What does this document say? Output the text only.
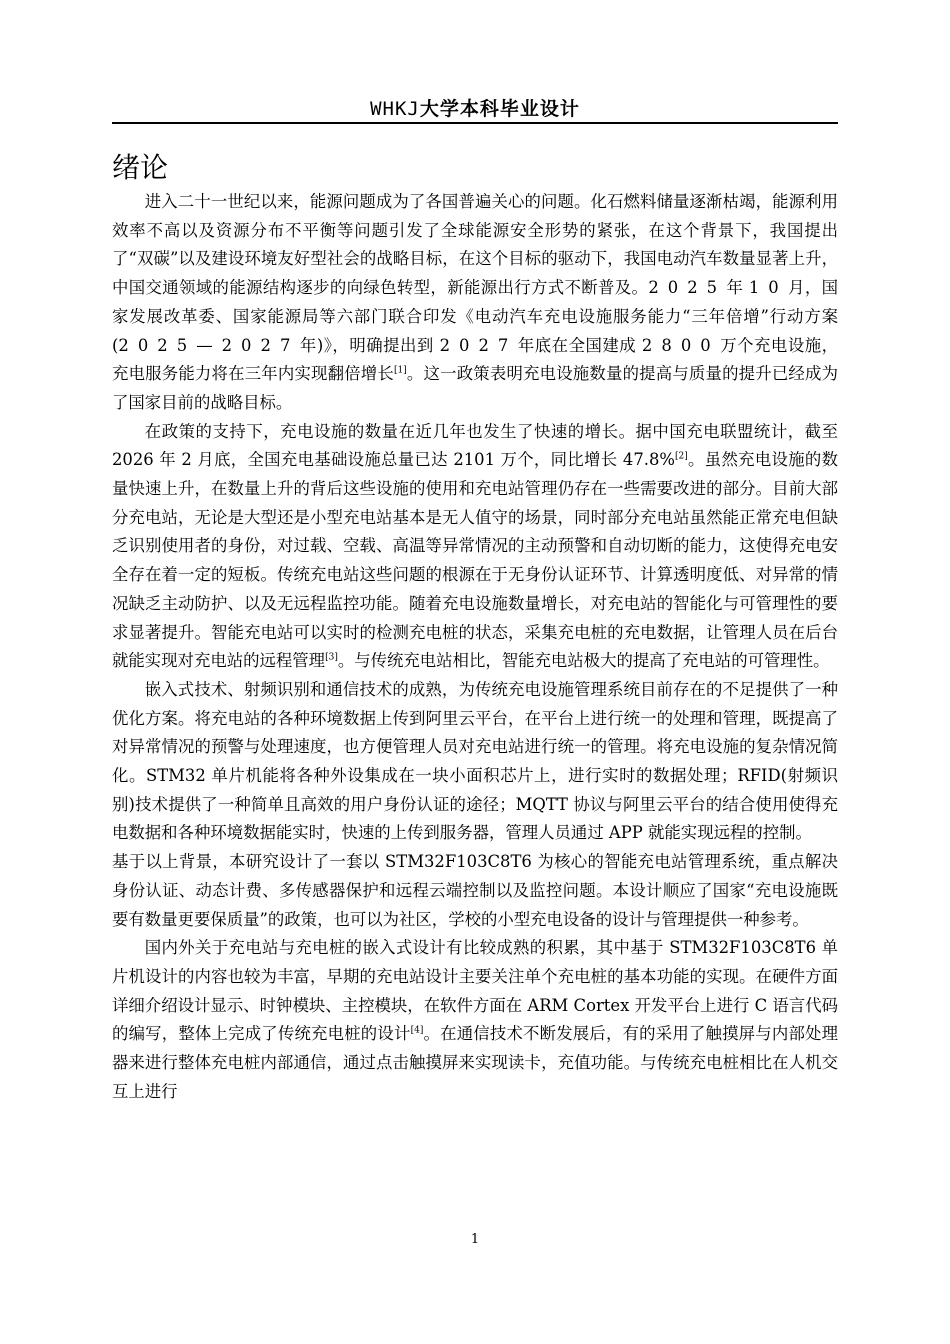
WHKJ大学本科毕业设计
绪论

进入二十一世纪以来，能源问题成为了各国普遍关心的问题。化石燃料储量逐渐枯竭，能源利用效率不高以及资源分布不平衡等问题引发了全球能源安全形势的紧张，在这个背景下，我国提出了“双碳”以及建设环境友好型社会的战略目标，在这个目标的驱动下，我国电动汽车数量显著上升，中国交通领域的能源结构逐步的向绿色转型，新能源出行方式不断普及。2025年 10月，国家发展改革委、国家能源局等六部门联合印发《电动汽车充电设施服务能力“三年倍增”行动方案(2025—2027年)》，明确提出到 2027年底在全国建成 2800万个充电设施，充电服务能力将在三年内实现翻倍增长[1]。这一政策表明充电设施数量的提高与质量的提升已经成为了国家目前的战略目标。

在政策的支持下，充电设施的数量在近几年也发生了快速的增长。据中国充电联盟统计，截至 2026 年 2 月底，全国充电基础设施总量已达 2101 万个，同比增长 47.8%[2]。虽然充电设施的数量快速上升，在数量上升的背后这些设施的使用和充电站管理仍存在一些需要改进的部分。目前大部分充电站，无论是大型还是小型充电站基本是无人值守的场景，同时部分充电站虽然能正常充电但缺乏识别使用者的身份，对过载、空载、高温等异常情况的主动预警和自动切断的能力，这使得充电安全存在着一定的短板。传统充电站这些问题的根源在于无身份认证环节、计算透明度低、对异常的情况缺乏主动防护、以及无远程监控功能。随着充电设施数量增长，对充电站的智能化与可管理性的要求显著提升。智能充电站可以实时的检测充电桩的状态，采集充电桩的充电数据，让管理人员在后台就能实现对充电站的远程管理[3]。与传统充电站相比，智能充电站极大的提高了充电站的可管理性。

嵌入式技术、射频识别和通信技术的成熟，为传统充电设施管理系统目前存在的不足提供了一种优化方案。将充电站的各种环境数据上传到阿里云平台，在平台上进行统一的处理和管理，既提高了对异常情况的预警与处理速度，也方便管理人员对充电站进行统一的管理。将充电设施的复杂情况简化。STM32 单片机能将各种外设集成在一块小面积芯片上，进行实时的数据处理；RFID(射频识别)技术提供了一种简单且高效的用户身份认证的途径；MQTT 协议与阿里云平台的结合使用使得充电数据和各种环境数据能实时，快速的上传到服务器，管理人员通过 APP 就能实现远程的控制。

基于以上背景，本研究设计了一套以 STM32F103C8T6 为核心的智能充电站管理系统，重点解决身份认证、动态计费、多传感器保护和远程云端控制以及监控问题。本设计顺应了国家“充电设施既要有数量更要保质量”的政策，也可以为社区，学校的小型充电设备的设计与管理提供一种参考。

国内外关于充电站与充电桩的嵌入式设计有比较成熟的积累，其中基于 STM32F103C8T6 单片机设计的内容也较为丰富，早期的充电站设计主要关注单个充电桩的基本功能的实现。在硬件方面详细介绍设计显示、时钟模块、主控模块，在软件方面在 ARM Cortex 开发平台上进行 C 语言代码的编写，整体上完成了传统充电桩的设计[4]。在通信技术不断发展后，有的采用了触摸屏与内部处理器来进行整体充电桩内部通信，通过点击触摸屏来实现读卡，充值功能。与传统充电桩相比在人机交互上进行

1
